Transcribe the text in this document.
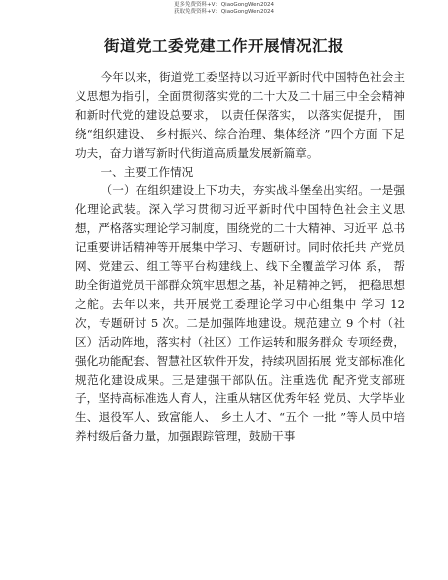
更多免费资料+V：QiaoGongWen2024
获取免费资料+V：QiaoGongWen2024
街道党工委党建工作开展情况汇报

今年以来，街道党工委坚持以习近平新时代中国特色社会主义思想为指引，全面贯彻落实党的二十大及二十届三中全会精神和新时代党的建设总要求， 以责任保落实， 以落实促提升， 围绕“组织建设、 乡村振兴、综合治理、集体经济 ”四个方面 下足功夫，奋力谱写新时代街道高质量发展新篇章。

一、主要工作情况

（一）在组织建设上下功夫，夯实战斗堡垒出实绍。一是强化理论武装。深入学习贯彻习近平新时代中国特色社会主义思想，严格落实理论学习制度，围绕党的二十大精神、习近平 总书记重要讲话精神等开展集中学习、专题研讨。同时依托共 产党员网、党建云、组工等平台构建线上、线下全覆盖学习体 系， 帮助全街道党员干部群众筑牢思想之基，补足精神之钙， 把稳思想之舵。去年以来，共开展党工委理论学习中心组集中 学习 12 次，专题研讨 5 次。二是加强阵地建设。规范建立 9 个村（社区）活动阵地，落实村（社区）工作运转和服务群众 专项经费，强化功能配套、智慧社区软件开发，持续巩固拓展 党支部标准化规范化建设成果。三是建强干部队伍。注重选优 配齐党支部班子，坚持高标准选人育人，注重从辖区优秀年轻 党员、大学毕业生、退役军人、致富能人、 乡土人才、“五个 一批 ”等人员中培养村级后备力量，加强跟踪管理，鼓励干事
